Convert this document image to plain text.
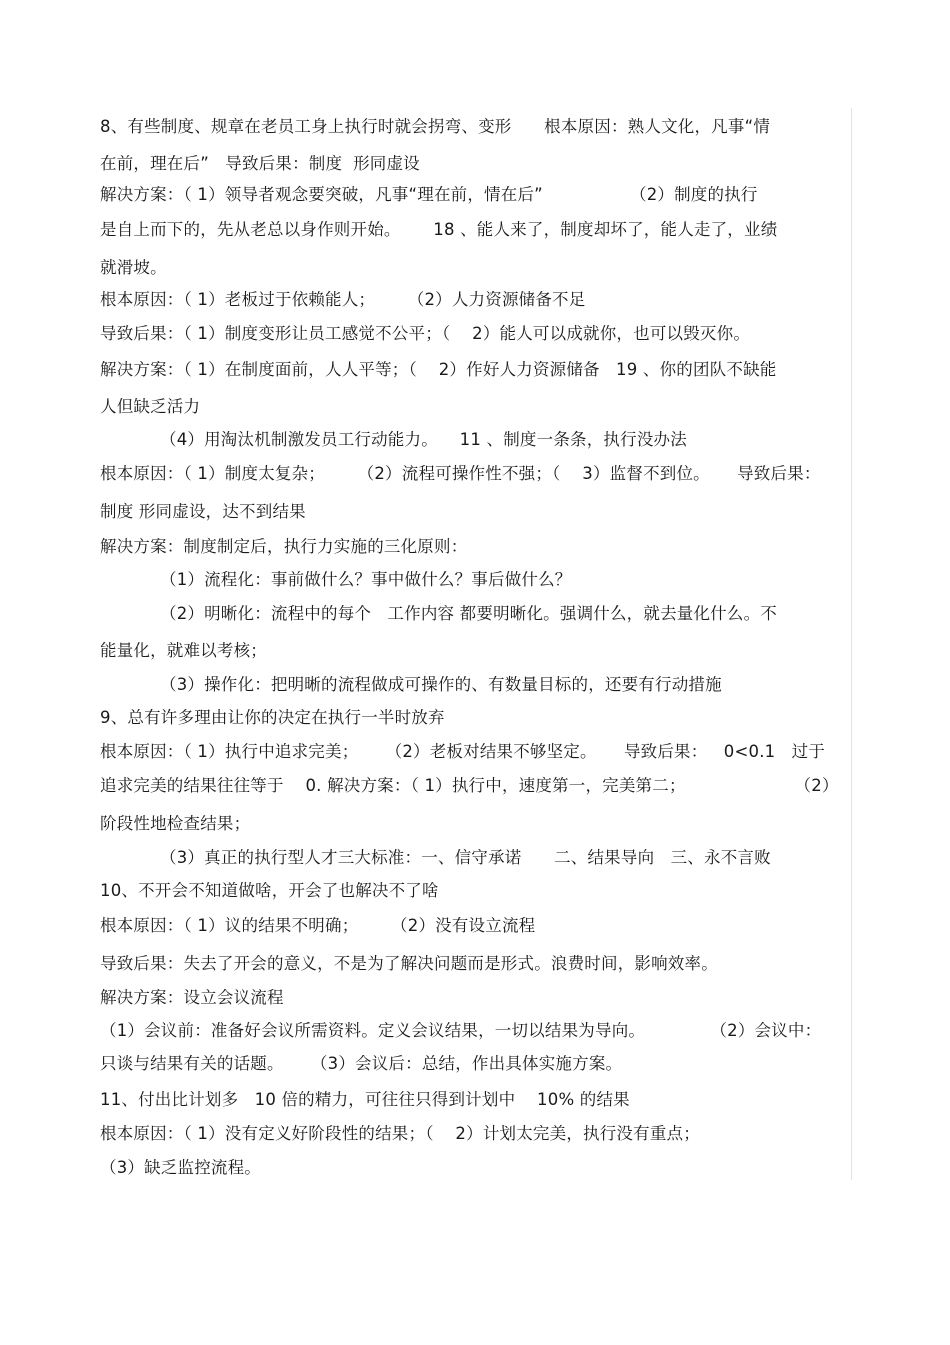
8、有些制度、规章在老员工身上执行时就会拐弯、变形      根本原因：熟人文化，凡事“情
在前，理在后”   导致后果：制度  形同虚设
解决方案：（ 1）领导者观念要突破，凡事“理在前，情在后”                （2）制度的执行
是自上而下的，先从老总以身作则开始。      18 、能人来了，制度却坏了，能人走了，业绩
就滑坡。
根本原因：（ 1）老板过于依赖能人；      （2）人力资源储备不足
导致后果：（ 1）制度变形让员工感觉不公平；（    2）能人可以成就你，也可以毁灭你。
解决方案：（ 1）在制度面前，人人平等；（    2）作好人力资源储备   19 、你的团队不缺能
人但缺乏活力
（4）用淘汰机制激发员工行动能力。    11 、制度一条条，执行没办法
根本原因：（ 1）制度太复杂；      （2）流程可操作性不强；（    3）监督不到位。     导致后果：
制度 形同虚设，达不到结果
解决方案：制度制定后，执行力实施的三化原则：
（1）流程化：事前做什么？事中做什么？事后做什么？
（2）明晰化：流程中的每个   工作内容 都要明晰化。强调什么，就去量化什么。不
能量化，就难以考核；
（3）操作化：把明晰的流程做成可操作的、有数量目标的，还要有行动措施
9、总有许多理由让你的决定在执行一半时放弃
根本原因：（ 1）执行中追求完美；     （2）老板对结果不够坚定。     导致后果：   0<0.1   过于
追求完美的结果往往等于    0. 解决方案：（ 1）执行中，速度第一，完美第二；                    （2）
阶段性地检查结果；
（3）真正的执行型人才三大标准：一、信守承诺      二、结果导向   三、永不言败
10、不开会不知道做啥，开会了也解决不了啥
根本原因：（ 1）议的结果不明确；      （2）没有设立流程
导致后果：失去了开会的意义，不是为了解决问题而是形式。浪费时间，影响效率。
解决方案：设立会议流程
（1）会议前：准备好会议所需资料。定义会议结果，一切以结果为导向。            （2）会议中：
只谈与结果有关的话题。     （3）会议后：总结，作出具体实施方案。
11、付出比计划多   10 倍的精力，可往往只得到计划中    10% 的结果
根本原因：（ 1）没有定义好阶段性的结果；（    2）计划太完美，执行没有重点；
（3）缺乏监控流程。
